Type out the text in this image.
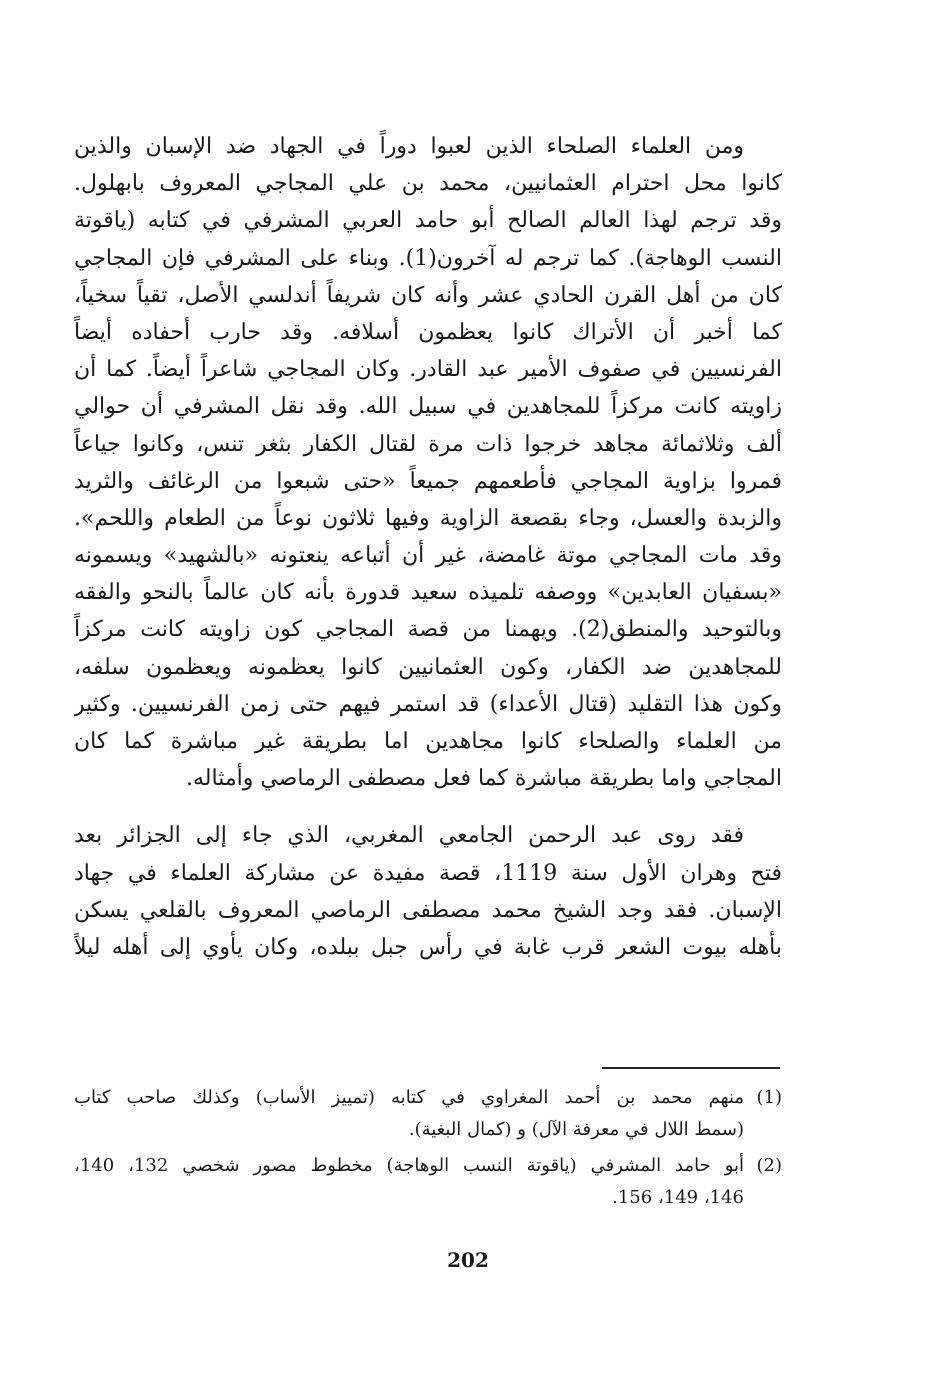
ومن العلماء الصلحاء الذين لعبوا دوراً في الجهاد ضد الإسبان والذين
كانوا محل احترام العثمانيين، محمد بن علي المجاجي المعروف بابهلول.
وقد ترجم لهذا العالم الصالح أبو حامد العربي المشرفي في كتابه (ياقوتة
النسب الوهاجة). كما ترجم له آخرون(1). وبناء على المشرفي فإن المجاجي
كان من أهل القرن الحادي عشر وأنه كان شريفاً أندلسي الأصل، تقياً سخياً،
كما أخبر أن الأتراك كانوا يعظمون أسلافه. وقد حارب أحفاده أيضاً
الفرنسيين في صفوف الأمير عبد القادر. وكان المجاجي شاعراً أيضاً. كما أن
زاويته كانت مركزاً للمجاهدين في سبيل الله. وقد نقل المشرفي أن حوالي
ألف وثلاثمائة مجاهد خرجوا ذات مرة لقتال الكفار بثغر تنس، وكانوا جياعاً
فمروا بزاوية المجاجي فأطعمهم جميعاً «حتى شبعوا من الرغائف والثريد
والزبدة والعسل، وجاء بقصعة الزاوية وفيها ثلاثون نوعاً من الطعام واللحم».
وقد مات المجاجي موتة غامضة، غير أن أتباعه ينعتونه «بالشهيد» ويسمونه
«بسفيان العابدين» ووصفه تلميذه سعيد قدورة بأنه كان عالماً بالنحو والفقه
وبالتوحيد والمنطق(2). ويهمنا من قصة المجاجي كون زاويته كانت مركزاً
للمجاهدين ضد الكفار، وكون العثمانيين كانوا يعظمونه ويعظمون سلفه،
وكون هذا التقليد (قتال الأعداء) قد استمر فيهم حتى زمن الفرنسيين. وكثير
من العلماء والصلحاء كانوا مجاهدين اما بطريقة غير مباشرة كما كان
المجاجي واما بطريقة مباشرة كما فعل مصطفى الرماصي وأمثاله.
فقد روى عبد الرحمن الجامعي المغربي، الذي جاء إلى الجزائر بعد
فتح وهران الأول سنة 1119، قصة مفيدة عن مشاركة العلماء في جهاد
الإسبان. فقد وجد الشيخ محمد مصطفى الرماصي المعروف بالقلعي يسكن
بأهله بيوت الشعر قرب غابة في رأس جبل ببلده، وكان يأوي إلى أهله ليلاً
(1)
منهم محمد بن أحمد المغراوي في كتابه (تمييز الأساب) وكذلك صاحب كتاب
(سمط اللال في معرفة الآل) و (كمال البغية).
(2)
أبو حامد المشرفي (ياقوتة النسب الوهاجة) مخطوط مصور شخصي 132، 140،
146، 149، 156.
202
